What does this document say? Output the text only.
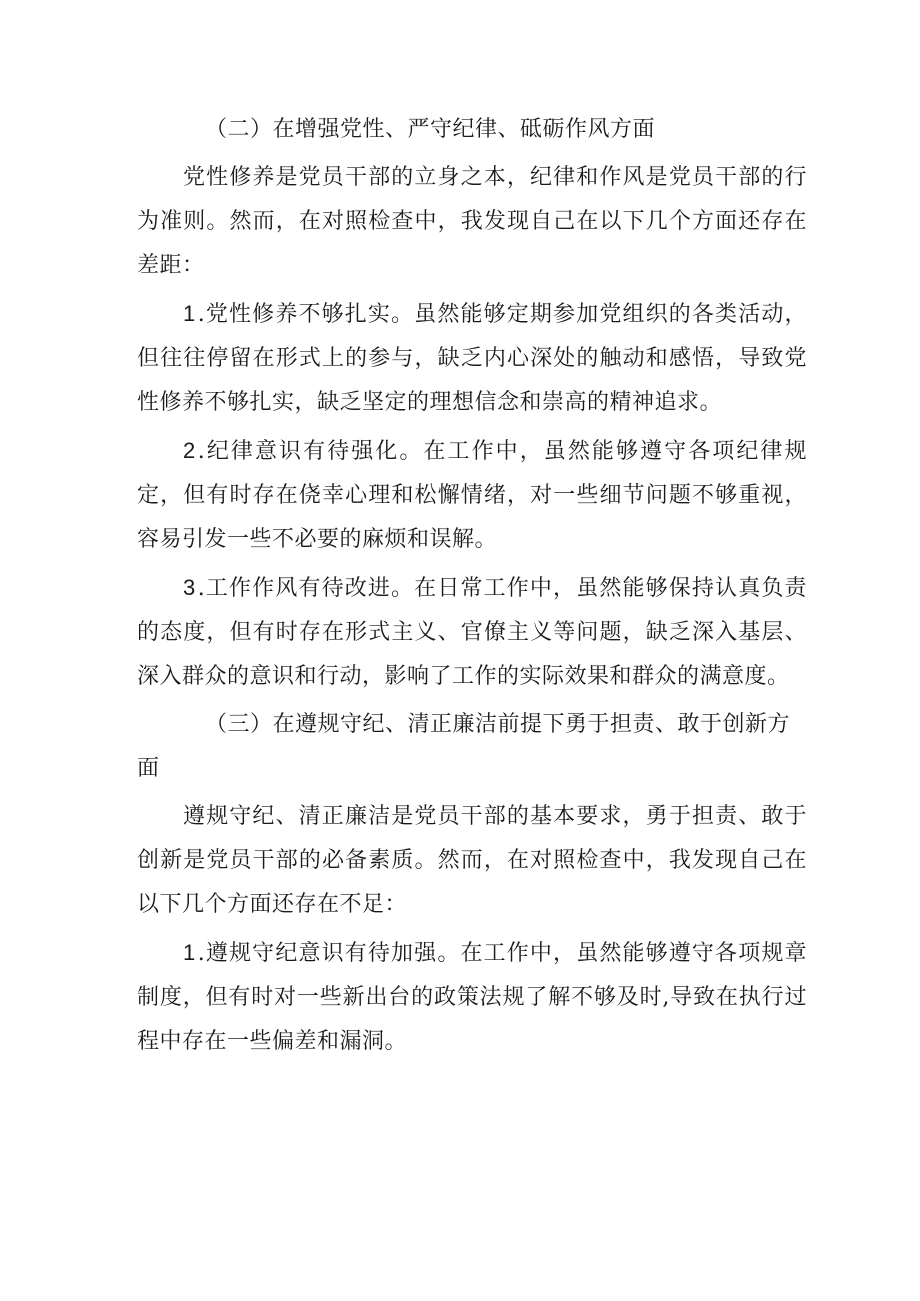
（二）在增强党性、严守纪律、砥砺作风方面

党性修养是党员干部的立身之本，纪律和作风是党员干部的行为准则。然而，在对照检查中，我发现自己在以下几个方面还存在差距：

1.党性修养不够扎实。虽然能够定期参加党组织的各类活动，但往往停留在形式上的参与，缺乏内心深处的触动和感悟，导致党性修养不够扎实，缺乏坚定的理想信念和崇高的精神追求。

2.纪律意识有待强化。在工作中，虽然能够遵守各项纪律规定，但有时存在侥幸心理和松懈情绪，对一些细节问题不够重视，容易引发一些不必要的麻烦和误解。

3.工作作风有待改进。在日常工作中，虽然能够保持认真负责的态度，但有时存在形式主义、官僚主义等问题，缺乏深入基层、深入群众的意识和行动，影响了工作的实际效果和群众的满意度。

（三）在遵规守纪、清正廉洁前提下勇于担责、敢于创新方面

遵规守纪、清正廉洁是党员干部的基本要求，勇于担责、敢于创新是党员干部的必备素质。然而，在对照检查中，我发现自己在以下几个方面还存在不足：

1.遵规守纪意识有待加强。在工作中，虽然能够遵守各项规章制度，但有时对一些新出台的政策法规了解不够及时,导致在执行过程中存在一些偏差和漏洞。
